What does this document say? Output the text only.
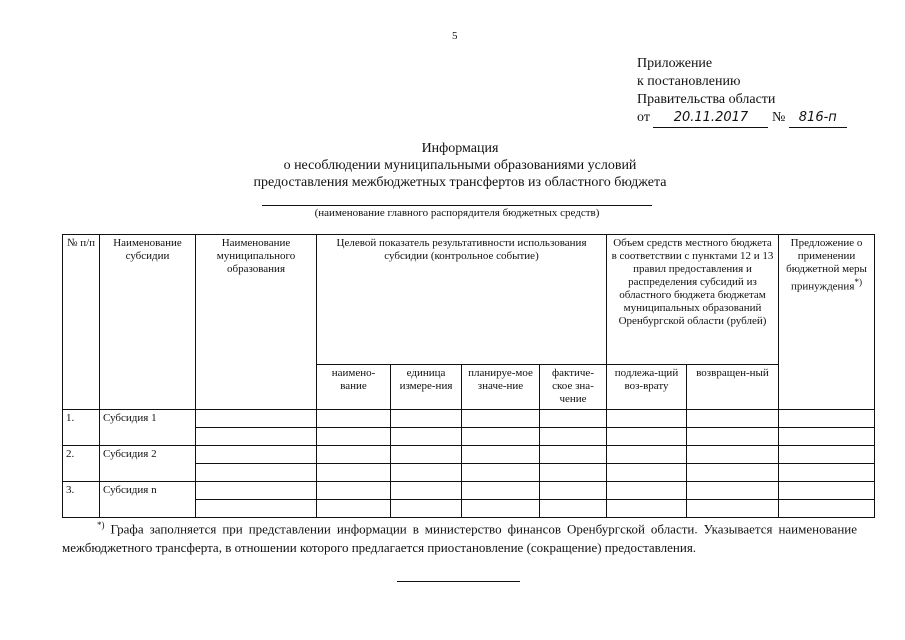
5
Приложение
к постановлению
Правительства области
от 20.11.2017 № 816-п
Информация
о несоблюдении муниципальными образованиями условий
предоставления межбюджетных трансфертов из областного бюджета
(наименование главного распорядителя бюджетных средств)
№ п/п	Наименование субсидии	Наименование муниципального образования	Целевой показатель результативности использования субсидии (контрольное событие)				Объем средств местного бюджета в соответствии с пунктами 12 и 13 правил предоставления и распределения субсидий из областного бюджета бюджетам муниципальных образований Оренбургской области (рублей)		Предложение о применении бюджетной меры принуждения*)
			наимено-вание	единица измере-ния	планируе-мое значе-ние	фактиче-ское зна-чение	подлежа-щий воз-врату	возвращен-ный	
1.	Субсидия 1								

2.	Субсидия 2								

3.	Субсидия n								

*) Графа заполняется при представлении информации в министерство финансов Оренбургской области. Указывается наименование межбюджетного трансферта, в отношении которого предлагается приостановление (сокращение) предоставления.
